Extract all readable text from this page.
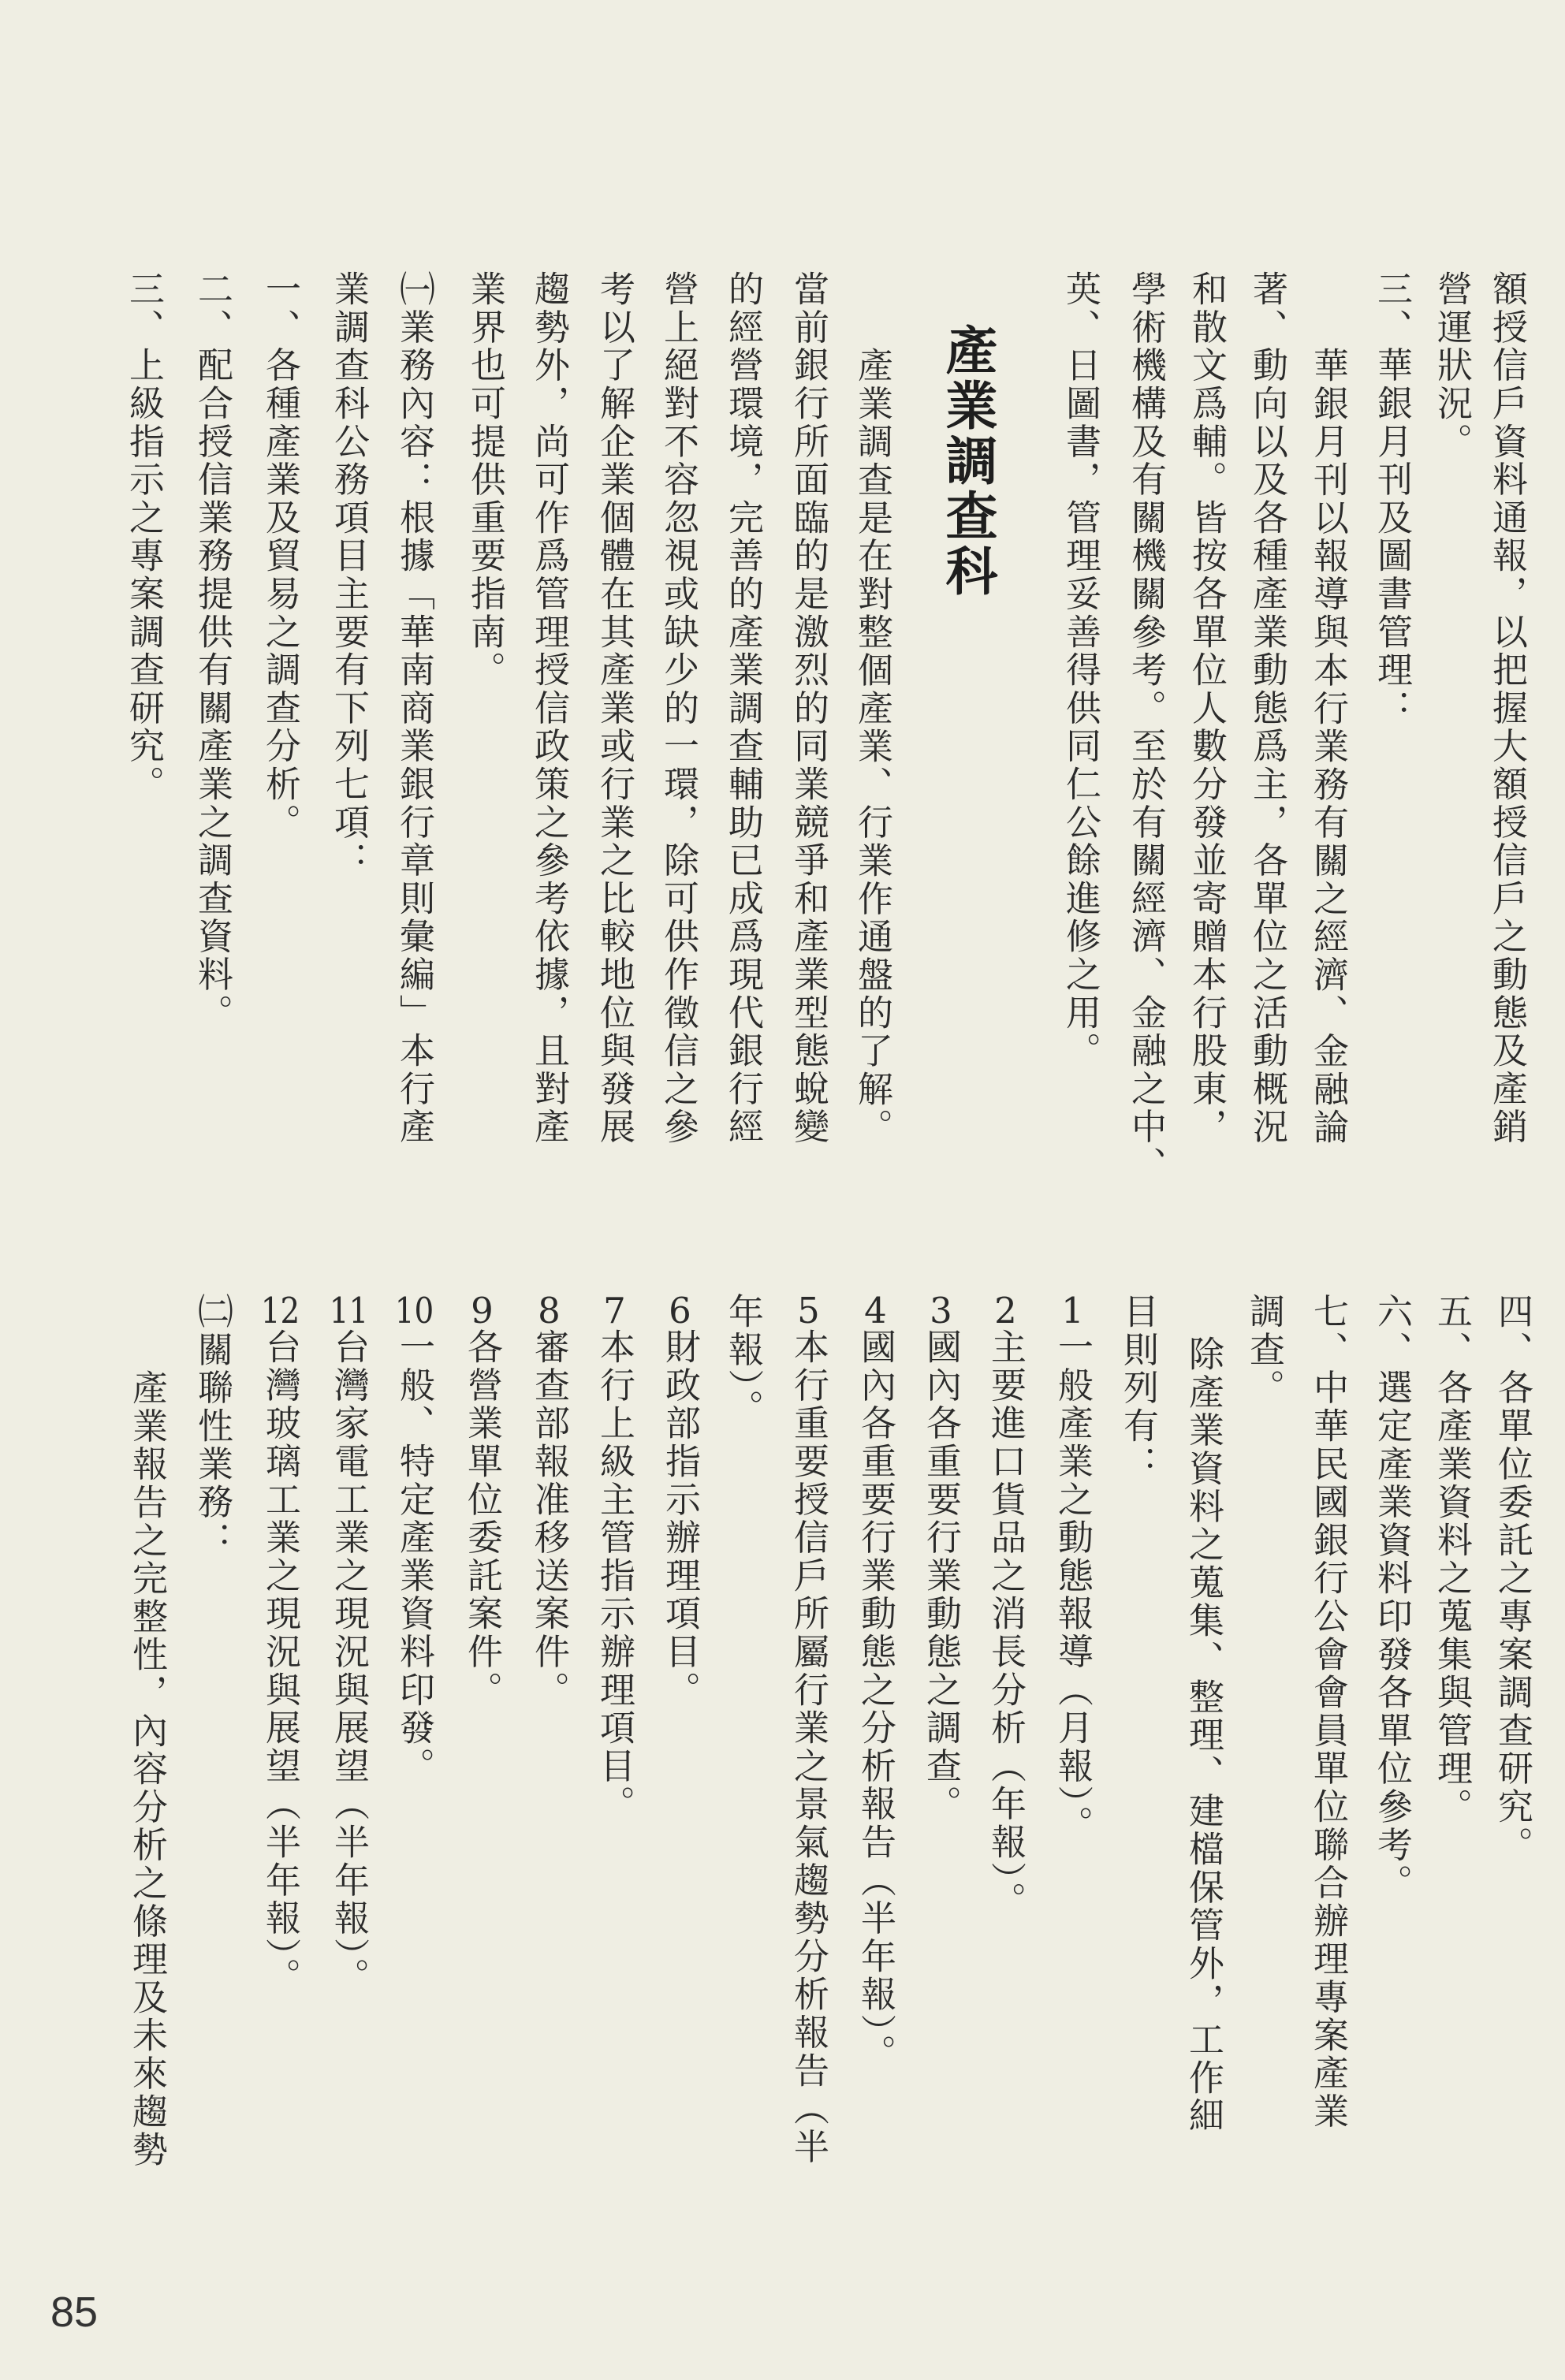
額授信戶資料通報，以把握大額授信戶之動態及產銷
營運狀況。
三、華銀月刊及圖書管理：
華銀月刊以報導與本行業務有關之經濟、金融論
著、動向以及各種產業動態爲主，各單位之活動概況
和散文爲輔。皆按各單位人數分發並寄贈本行股東，
學術機構及有關機關參考。至於有關經濟、金融之中、
英、日圖書，管理妥善得供同仁公餘進修之用。
產業調查科
產業調查是在對整個產業、行業作通盤的了解。
當前銀行所面臨的是激烈的同業競爭和產業型態蛻變
的經營環境，完善的產業調查輔助已成爲現代銀行經
營上絕對不容忽視或缺少的一環，除可供作徵信之參
考以了解企業個體在其產業或行業之比較地位與發展
趨勢外，尚可作爲管理授信政策之參考依據，且對產
業界也可提供重要指南。
㈠業務內容：根據「華南商業銀行章則彙編」本行產
業調查科公務項目主要有下列七項：
一、各種產業及貿易之調查分析。
二、配合授信業務提供有關產業之調查資料。
三、上級指示之專案調查研究。
四、各單位委託之專案調查研究。
五、各產業資料之蒐集與管理。
六、選定產業資料印發各單位參考。
七、中華民國銀行公會會員單位聯合辦理專案產業
調查。
除產業資料之蒐集、整理、建檔保管外，工作細
目則列有：
1一般產業之動態報導（月報）。
2主要進口貨品之消長分析（年報）。
3國內各重要行業動態之調查。
4國內各重要行業動態之分析報告（半年報）。
5本行重要授信戶所屬行業之景氣趨勢分析報告（半
年報）。
6財政部指示辦理項目。
7本行上級主管指示辦理項目。
8審查部報准移送案件。
9各營業單位委託案件。
10一般、特定產業資料印發。
11台灣家電工業之現況與展望（半年報）。
12台灣玻璃工業之現況與展望（半年報）。
㈡關聯性業務：
產業報告之完整性，內容分析之條理及未來趨勢
85
